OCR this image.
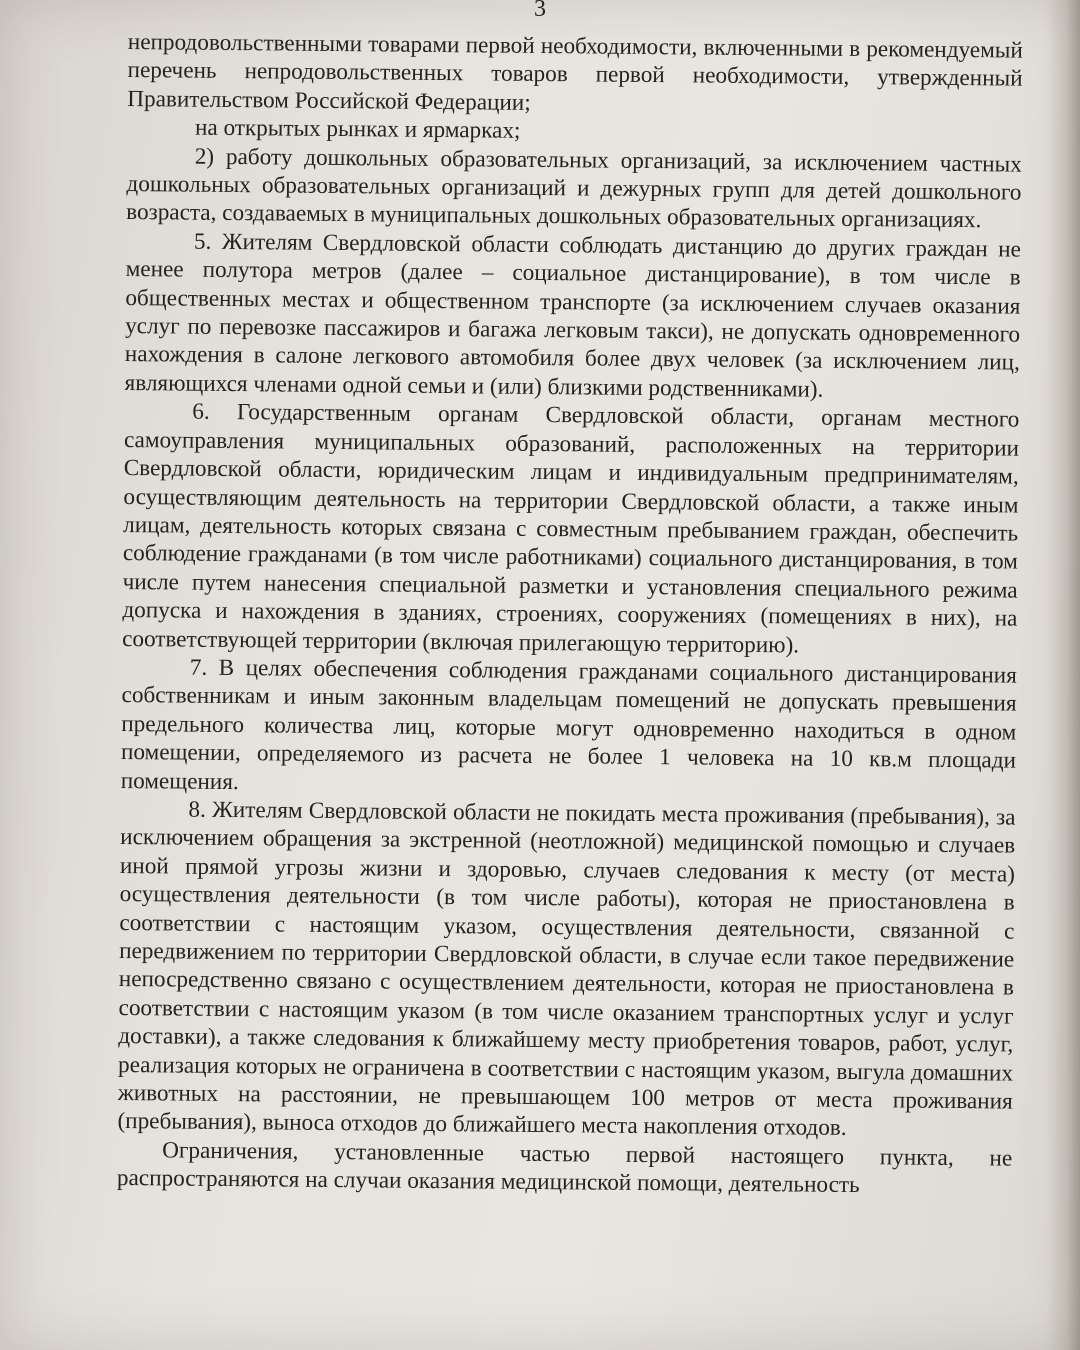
3

непродовольственными товарами первой необходимости, включенными в рекомендуемый перечень непродовольственных товаров первой необходимости, утвержденный Правительством Российской Федерации;

на открытых рынках и ярмарках;

2) работу дошкольных образовательных организаций, за исключением частных дошкольных образовательных организаций и дежурных групп для детей дошкольного возраста, создаваемых в муниципальных дошкольных образовательных организациях.

5. Жителям Свердловской области соблюдать дистанцию до других граждан не менее полутора метров (далее – социальное дистанцирование), в том числе в общественных местах и общественном транспорте (за исключением случаев оказания услуг по перевозке пассажиров и багажа легковым такси), не допускать одновременного нахождения в салоне легкового автомобиля более двух человек (за исключением лиц, являющихся членами одной семьи и (или) близкими родственниками).

6. Государственным органам Свердловской области, органам местного самоуправления муниципальных образований, расположенных на территории Свердловской области, юридическим лицам и индивидуальным предпринимателям, осуществляющим деятельность на территории Свердловской области, а также иным лицам, деятельность которых связана с совместным пребыванием граждан, обеспечить соблюдение гражданами (в том числе работниками) социального дистанцирования, в том числе путем нанесения специальной разметки и установления специального режима допуска и нахождения в зданиях, строениях, сооружениях (помещениях в них), на соответствующей территории (включая прилегающую территорию).

7. В целях обеспечения соблюдения гражданами социального дистанцирования собственникам и иным законным владельцам помещений не допускать превышения предельного количества лиц, которые могут одновременно находиться в одном помещении, определяемого из расчета не более 1 человека на 10 кв.м площади помещения.

8. Жителям Свердловской области не покидать места проживания (пребывания), за исключением обращения за экстренной (неотложной) медицинской помощью и случаев иной прямой угрозы жизни и здоровью, случаев следования к месту (от места) осуществления деятельности (в том числе работы), которая не приостановлена в соответствии с настоящим указом, осуществления деятельности, связанной с передвижением по территории Свердловской области, в случае если такое передвижение непосредственно связано с осуществлением деятельности, которая не приостановлена в соответствии с настоящим указом (в том числе оказанием транспортных услуг и услуг доставки), а также следования к ближайшему месту приобретения товаров, работ, услуг, реализация которых не ограничена в соответствии с настоящим указом, выгула домашних животных на расстоянии, не превышающем 100 метров от места проживания (пребывания), выноса отходов до ближайшего места накопления отходов.

Ограничения, установленные частью первой настоящего пункта, не распространяются на случаи оказания медицинской помощи, деятельность
